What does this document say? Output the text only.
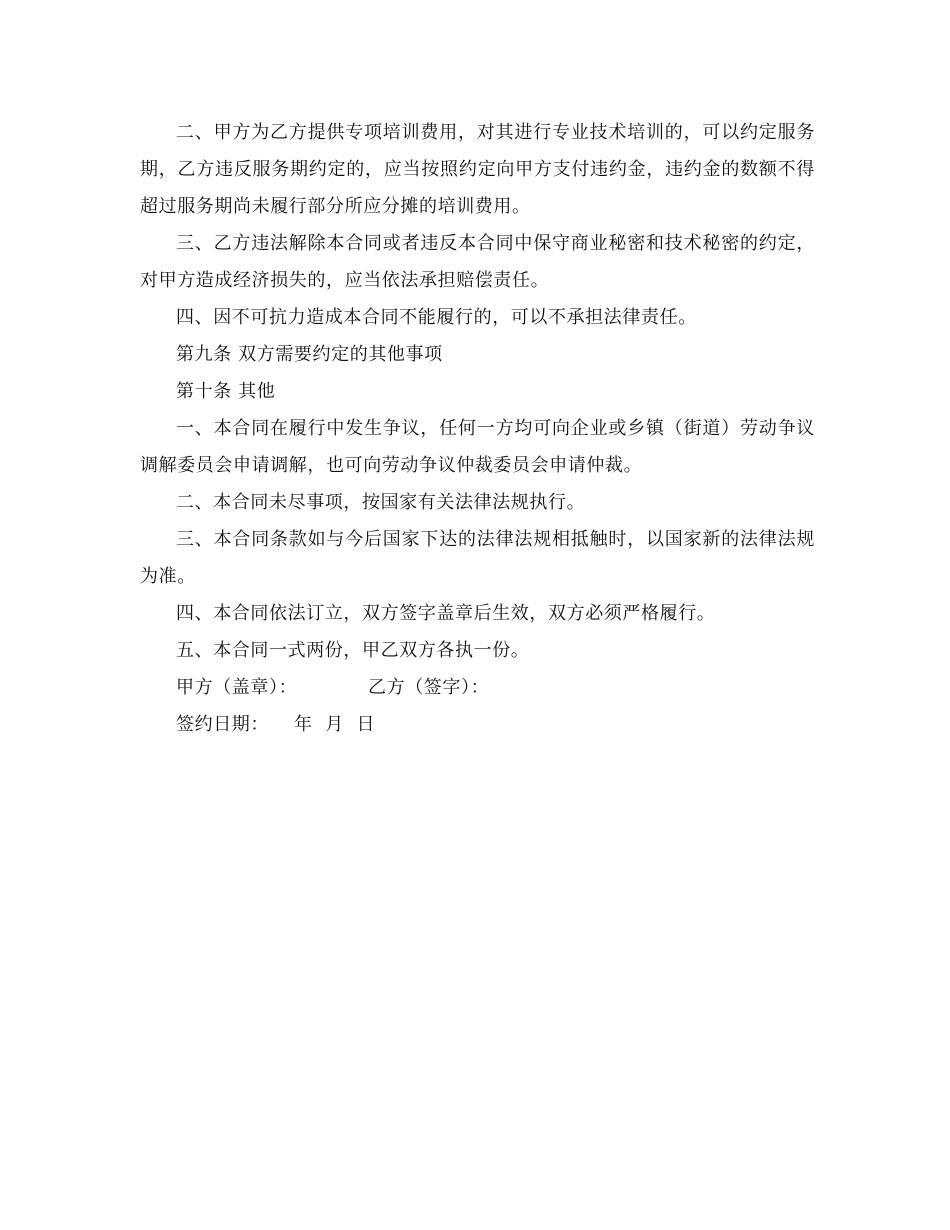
二、甲方为乙方提供专项培训费用，对其进行专业技术培训的，可以约定服务期，乙方违反服务期约定的，应当按照约定向甲方支付违约金，违约金的数额不得超过服务期尚未履行部分所应分摊的培训费用。

三、乙方违法解除本合同或者违反本合同中保守商业秘密和技术秘密的约定，对甲方造成经济损失的，应当依法承担赔偿责任。

四、因不可抗力造成本合同不能履行的，可以不承担法律责任。

第九条 双方需要约定的其他事项

第十条 其他

一、本合同在履行中发生争议，任何一方均可向企业或乡镇（街道）劳动争议调解委员会申请调解，也可向劳动争议仲裁委员会申请仲裁。

二、本合同未尽事项，按国家有关法律法规执行。

三、本合同条款如与今后国家下达的法律法规相抵触时，以国家新的法律法规为准。

四、本合同依法订立，双方签字盖章后生效，双方必须严格履行。

五、本合同一式两份，甲乙双方各执一份。

甲方（盖章）：	乙方（签字）：
签约日期： 年  月  日
